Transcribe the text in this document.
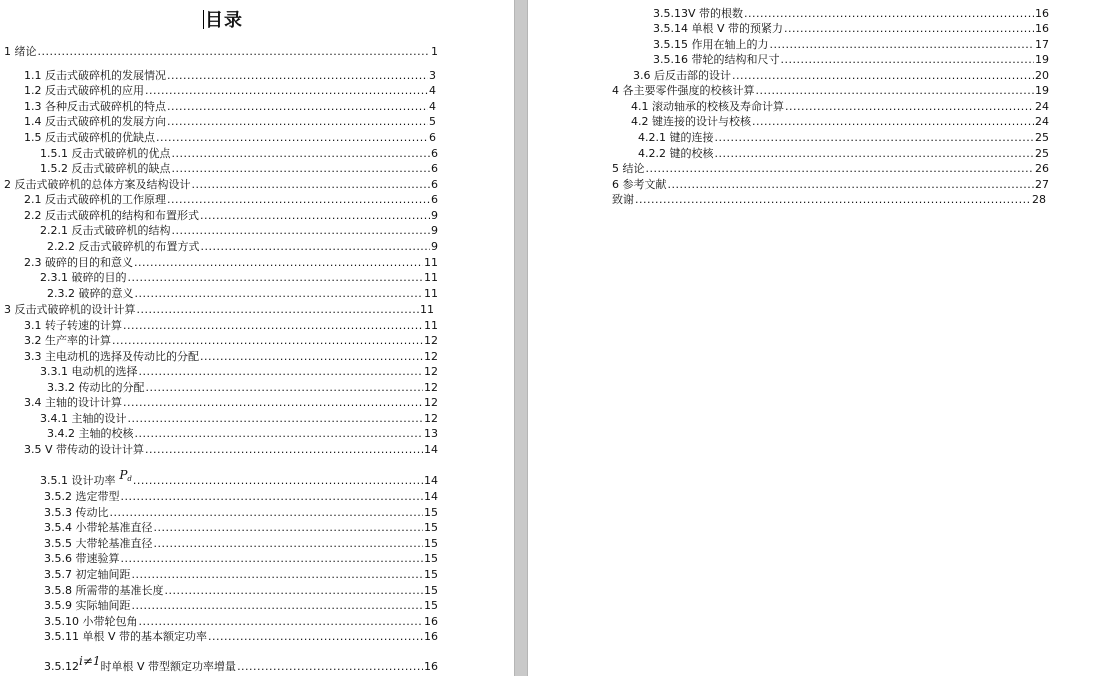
目录
1 绪论 .....	1
1.1 反击式破碎机的发展情况 .....	3
1.2 反击式破碎机的应用 .....	4
1.3 各种反击式破碎机的特点 .....	4
1.4 反击式破碎机的发展方向 .....	5
1.5 反击式破碎机的优缺点 .....	6
1.5.1 反击式破碎机的优点 .....	6
1.5.2 反击式破碎机的缺点 .....	6
2 反击式破碎机的总体方案及结构设计 .....	6
2.1 反击式破碎机的工作原理 .....	6
2.2 反击式破碎机的结构和布置形式 .....	9
2.2.1 反击式破碎机的结构 .....	9
2.2.2 反击式破碎机的布置方式 .....	9
2.3 破碎的目的和意义 .....	11
2.3.1 破碎的目的 .....	11
2.3.2 破碎的意义 .....	11
3 反击式破碎机的设计计算 .....	11
3.1 转子转速的计算 .....	11
3.2 生产率的计算 .....	12
3.3 主电动机的选择及传动比的分配 .....	12
3.3.1 电动机的选择 .....	12
3.3.2 传动比的分配 .....	12
3.4 主轴的设计计算 .....	12
3.4.1 主轴的设计 .....	12
3.4.2 主轴的校核 .....	13
3.5 V 带传动的设计计算 .....	14
3.5.1 设计功率 $P_d$ .....	14
3.5.2 选定带型 .....	14
3.5.3 传动比 .....	15
3.5.4 小带轮基准直径 .....	15
3.5.5 大带轮基准直径 .....	15
3.5.6 带速验算 .....	15
3.5.7 初定轴间距 .....	15
3.5.8 所需带的基准长度 .....	15
3.5.9 实际轴间距 .....	15
3.5.10 小带轮包角 .....	16
3.5.11 单根 V 带的基本额定功率 .....	16
3.5.12i≠1时单根 V 带型额定功率增量 .....	16
3.5.13V 带的根数 .....	16
3.5.14 单根 V 带的预紧力 .....	16
3.5.15 作用在轴上的力 .....	17
3.5.16 带轮的结构和尺寸 .....	19
3.6 后反击部的设计 .....	20
4 各主要零件强度的校核计算 .....	19
4.1 滚动轴承的校核及寿命计算 .....	24
4.2 键连接的设计与校核 .....	24
4.2.1 键的连接 .....	25
4.2.2 键的校核 .....	25
5 结论 .....	26
6 参考文献 .....	27
致谢 .....	28
